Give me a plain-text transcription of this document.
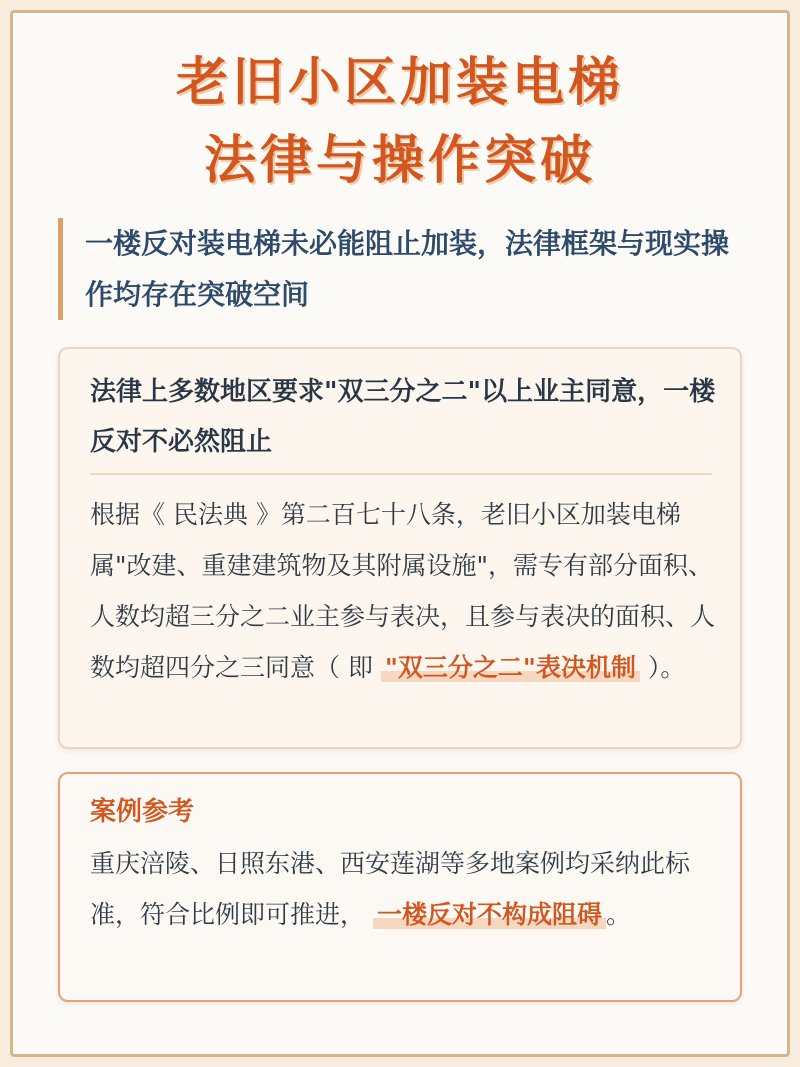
老旧小区加装电梯
法律与操作突破
一楼反对装电梯未必能阻止加装，法律框架与现实操作均存在突破空间
法律上多数地区要求"双三分之二"以上业主同意，一楼反对不必然阻止
根据《 民法典 》第二百七十八条，老旧小区加装电梯属"改建、重建建筑物及其附属设施"，需专有部分面积、人数均超三分之二业主参与表决，且参与表决的面积、人数均超四分之三同意（ 即 "双三分之二"表决机制 ）。
案例参考
重庆涪陵、日照东港、西安莲湖等多地案例均采纳此标准，符合比例即可推进， 一楼反对不构成阻碍 。
